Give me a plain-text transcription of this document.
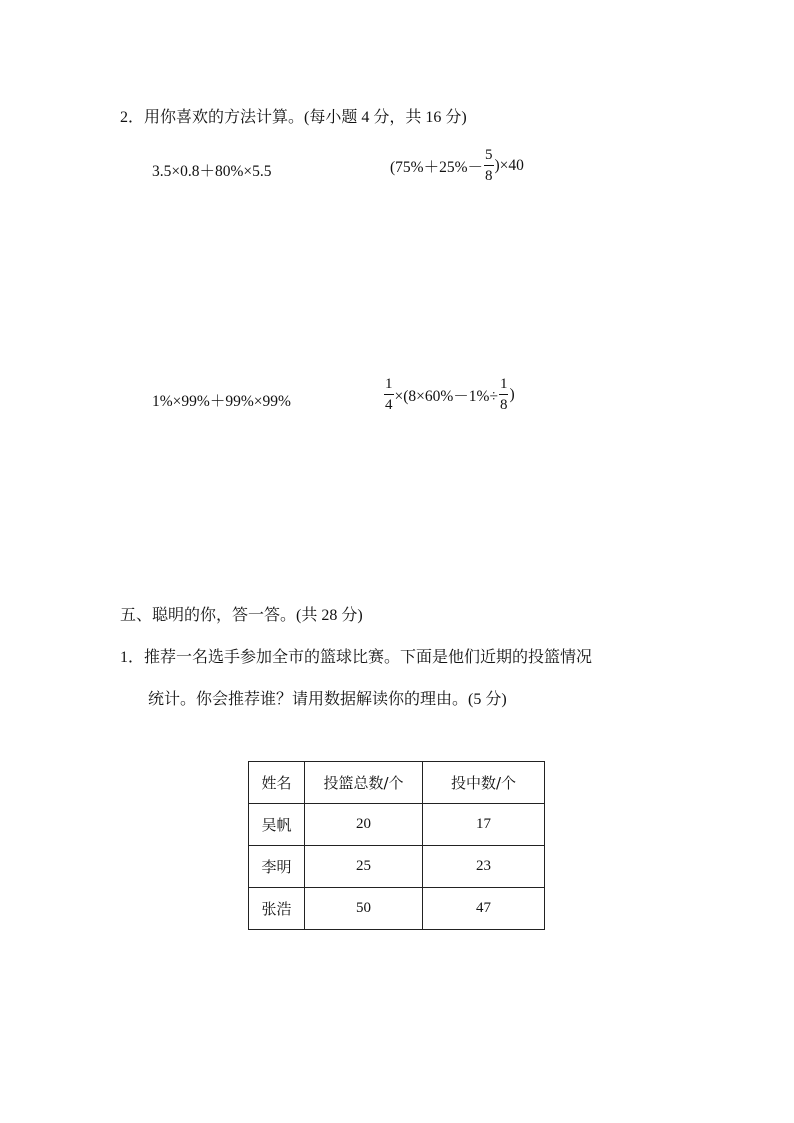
2．用你喜欢的方法计算。(每小题 4 分，共 16 分)
3.5×0.8＋80%×5.5	$(75\%+25\%- \frac{5}{8} )\times 40$
1%×99%＋99%×99%	$\frac{1}{4} \times(8\times 60\%-1\%\div \frac{1}{8}$ )
五、聪明的你，答一答。(共 28 分)
1．推荐一名选手参加全市的篮球比赛。下面是他们近期的投篮情况
统计。你会推荐谁？请用数据解读你的理由。(5 分)
姓名	投篮总数/个	投中数/个
吴帆	20	17
李明	25	23
张浩	50	47
